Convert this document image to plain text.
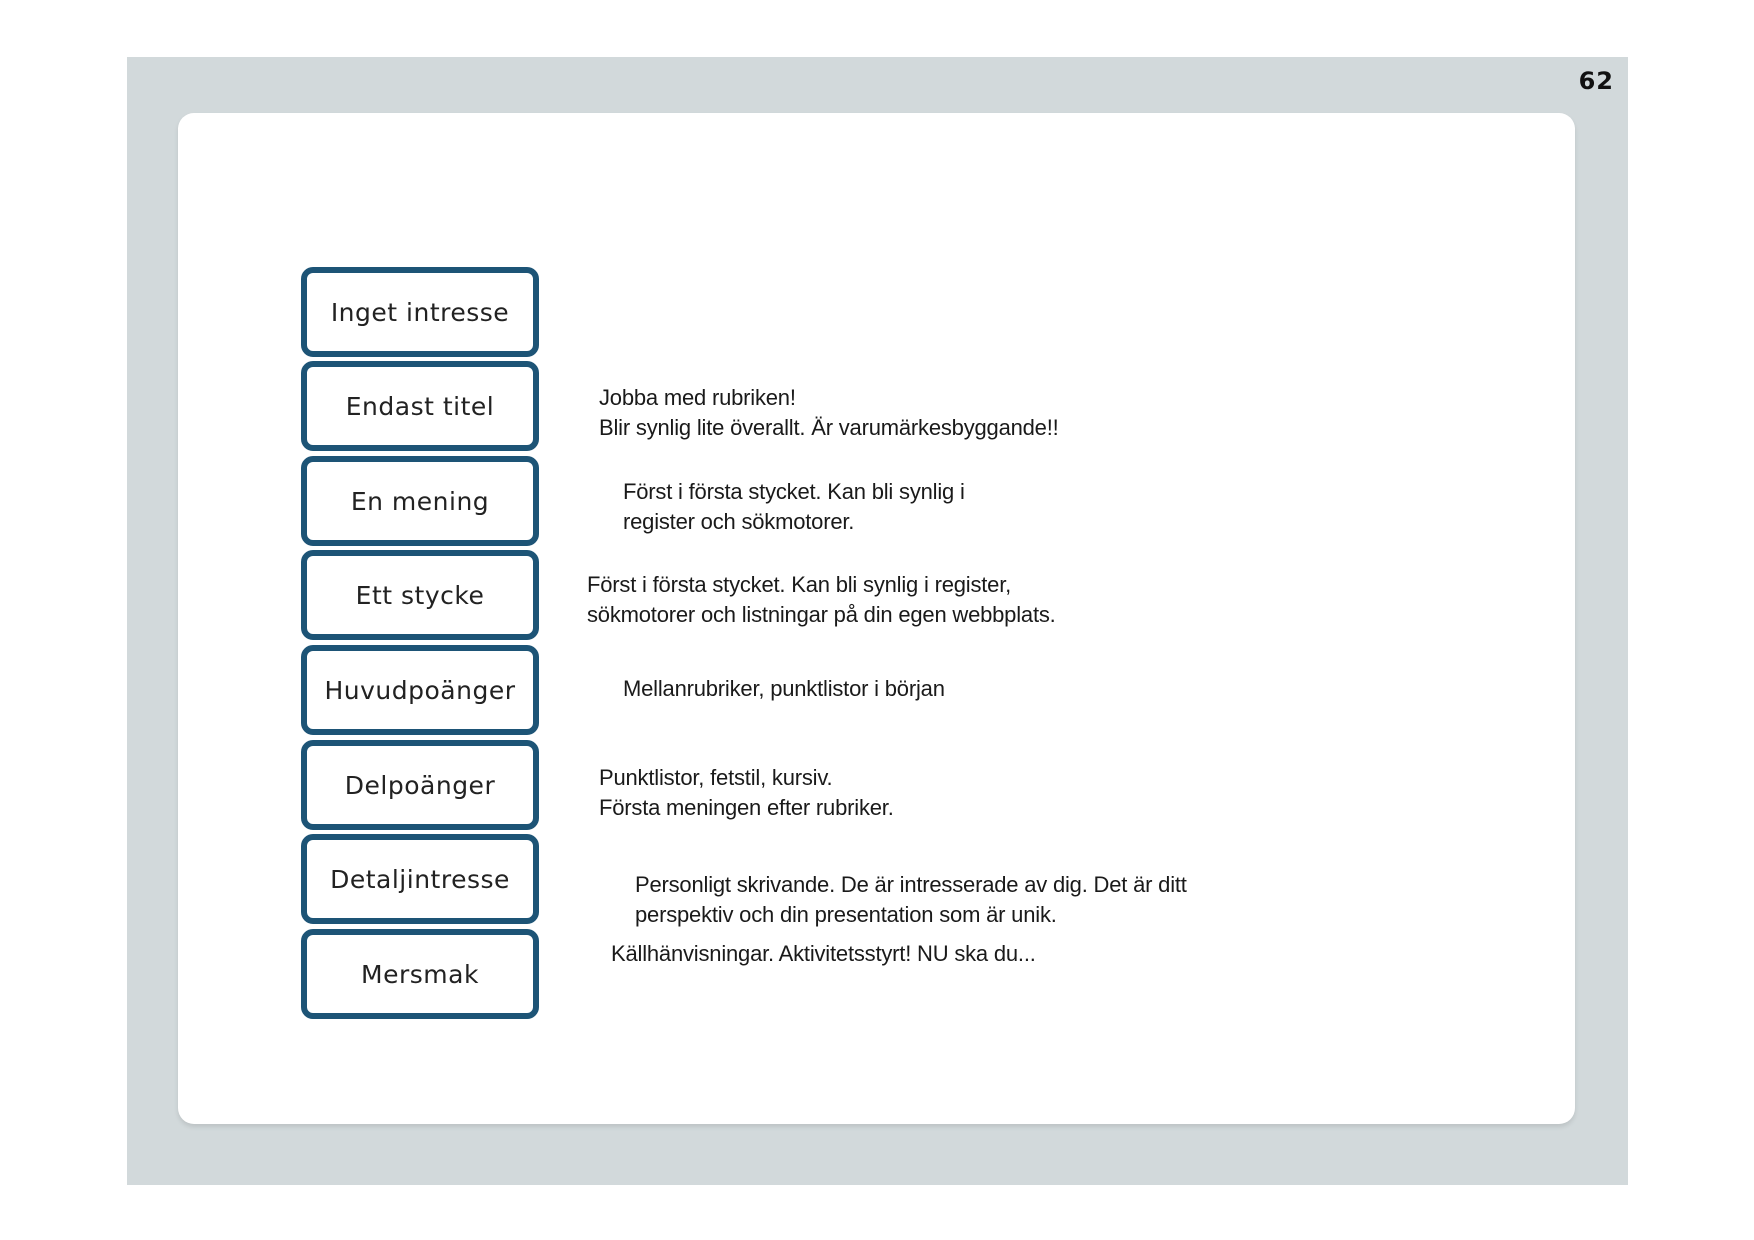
62
Inget intresse
Endast titel
En mening
Ett stycke
Huvudpoänger
Delpoänger
Detaljintresse
Mersmak
Jobba med rubriken!
Blir synlig lite överallt. Är varumärkesbyggande!!
Först i första stycket. Kan bli synlig i
register och sökmotorer.
Först i första stycket. Kan bli synlig i register,
sökmotorer och listningar på din egen webbplats.
Mellanrubriker, punktlistor i början
Punktlistor, fetstil, kursiv.
Första meningen efter rubriker.
Personligt skrivande. De är intresserade av dig. Det är ditt
perspektiv och din presentation som är unik.
Källhänvisningar. Aktivitetsstyrt! NU ska du...
